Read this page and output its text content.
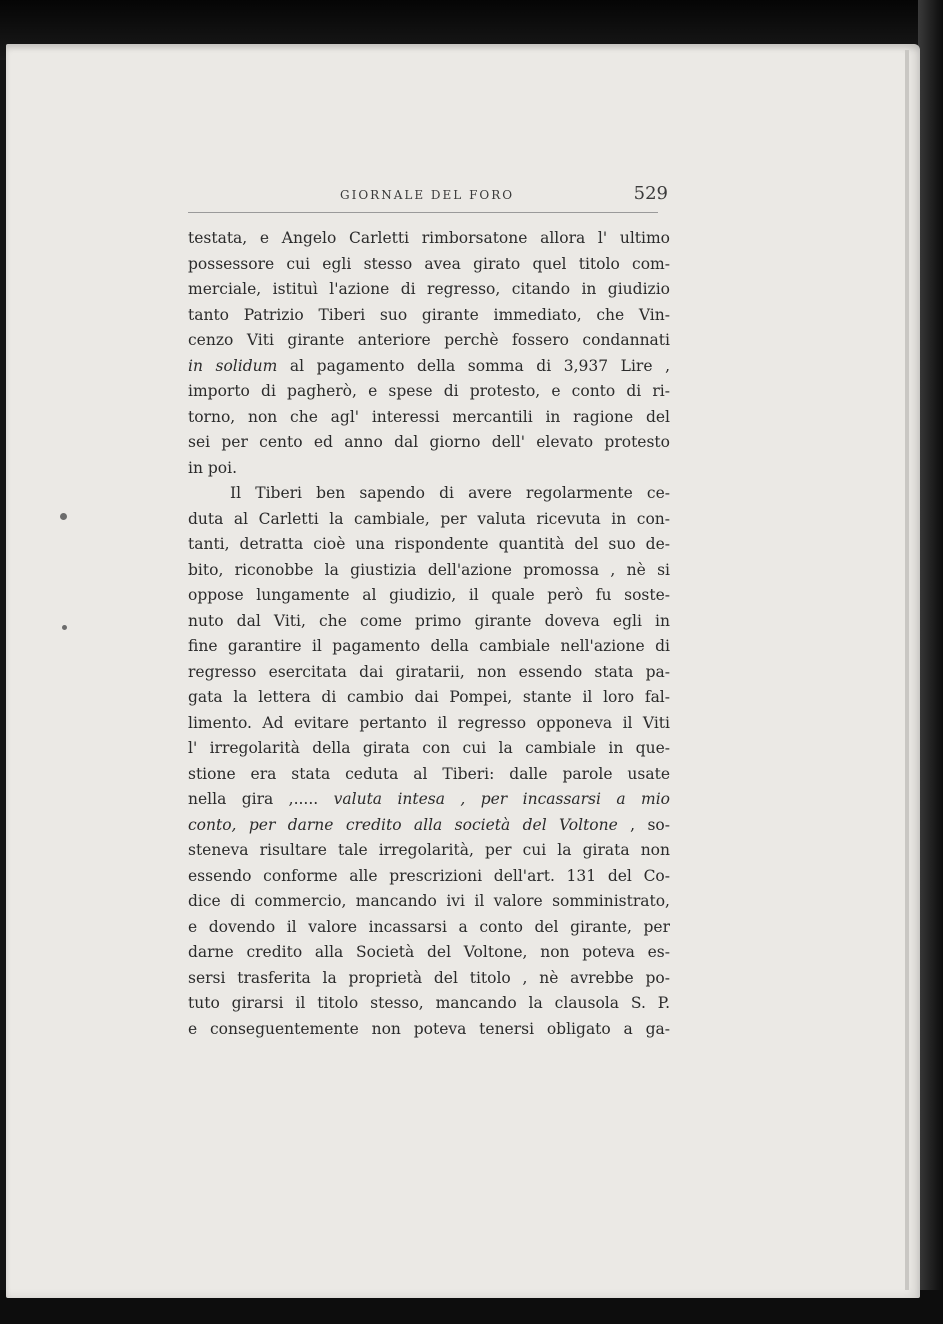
GIORNALE DEL FORO	529
testata, e Angelo Carletti rimborsatone allora l' ultimo
possessore cui egli stesso avea girato quel titolo com-
merciale, istituì l'azione di regresso, citando in giudizio
tanto Patrizio Tiberi suo girante immediato, che Vin-
cenzo Viti girante anteriore perchè fossero condannati
in solidum al pagamento della somma di 3,937 Lire ,
importo di pagherò, e spese di protesto, e conto di ri-
torno, non che agl' interessi mercantili in ragione del
sei per cento ed anno dal giorno dell' elevato protesto
in poi.
Il Tiberi ben sapendo di avere regolarmente ce-
duta al Carletti la cambiale, per valuta ricevuta in con-
tanti, detratta cioè una rispondente quantità del suo de-
bito, riconobbe la giustizia dell'azione promossa , nè si
oppose lungamente al giudizio, il quale però fu soste-
nuto dal Viti, che come primo girante doveva egli in
fine garantire il pagamento della cambiale nell'azione di
regresso esercitata dai giratarii, non essendo stata pa-
gata la lettera di cambio dai Pompei, stante il loro fal-
limento. Ad evitare pertanto il regresso opponeva il Viti
l' irregolarità della girata con cui la cambiale in que-
stione era stata ceduta al Tiberi: dalle parole usate
nella gira ,..... valuta intesa , per incassarsi a mio
conto, per darne credito alla società del Voltone , so-
steneva risultare tale irregolarità, per cui la girata non
essendo conforme alle prescrizioni dell'art. 131 del Co-
dice di commercio, mancando ivi il valore somministrato,
e dovendo il valore incassarsi a conto del girante, per
darne credito alla Società del Voltone, non poteva es-
sersi trasferita la proprietà del titolo , nè avrebbe po-
tuto girarsi il titolo stesso, mancando la clausola S. P.
e conseguentemente non poteva tenersi obligato a ga-
